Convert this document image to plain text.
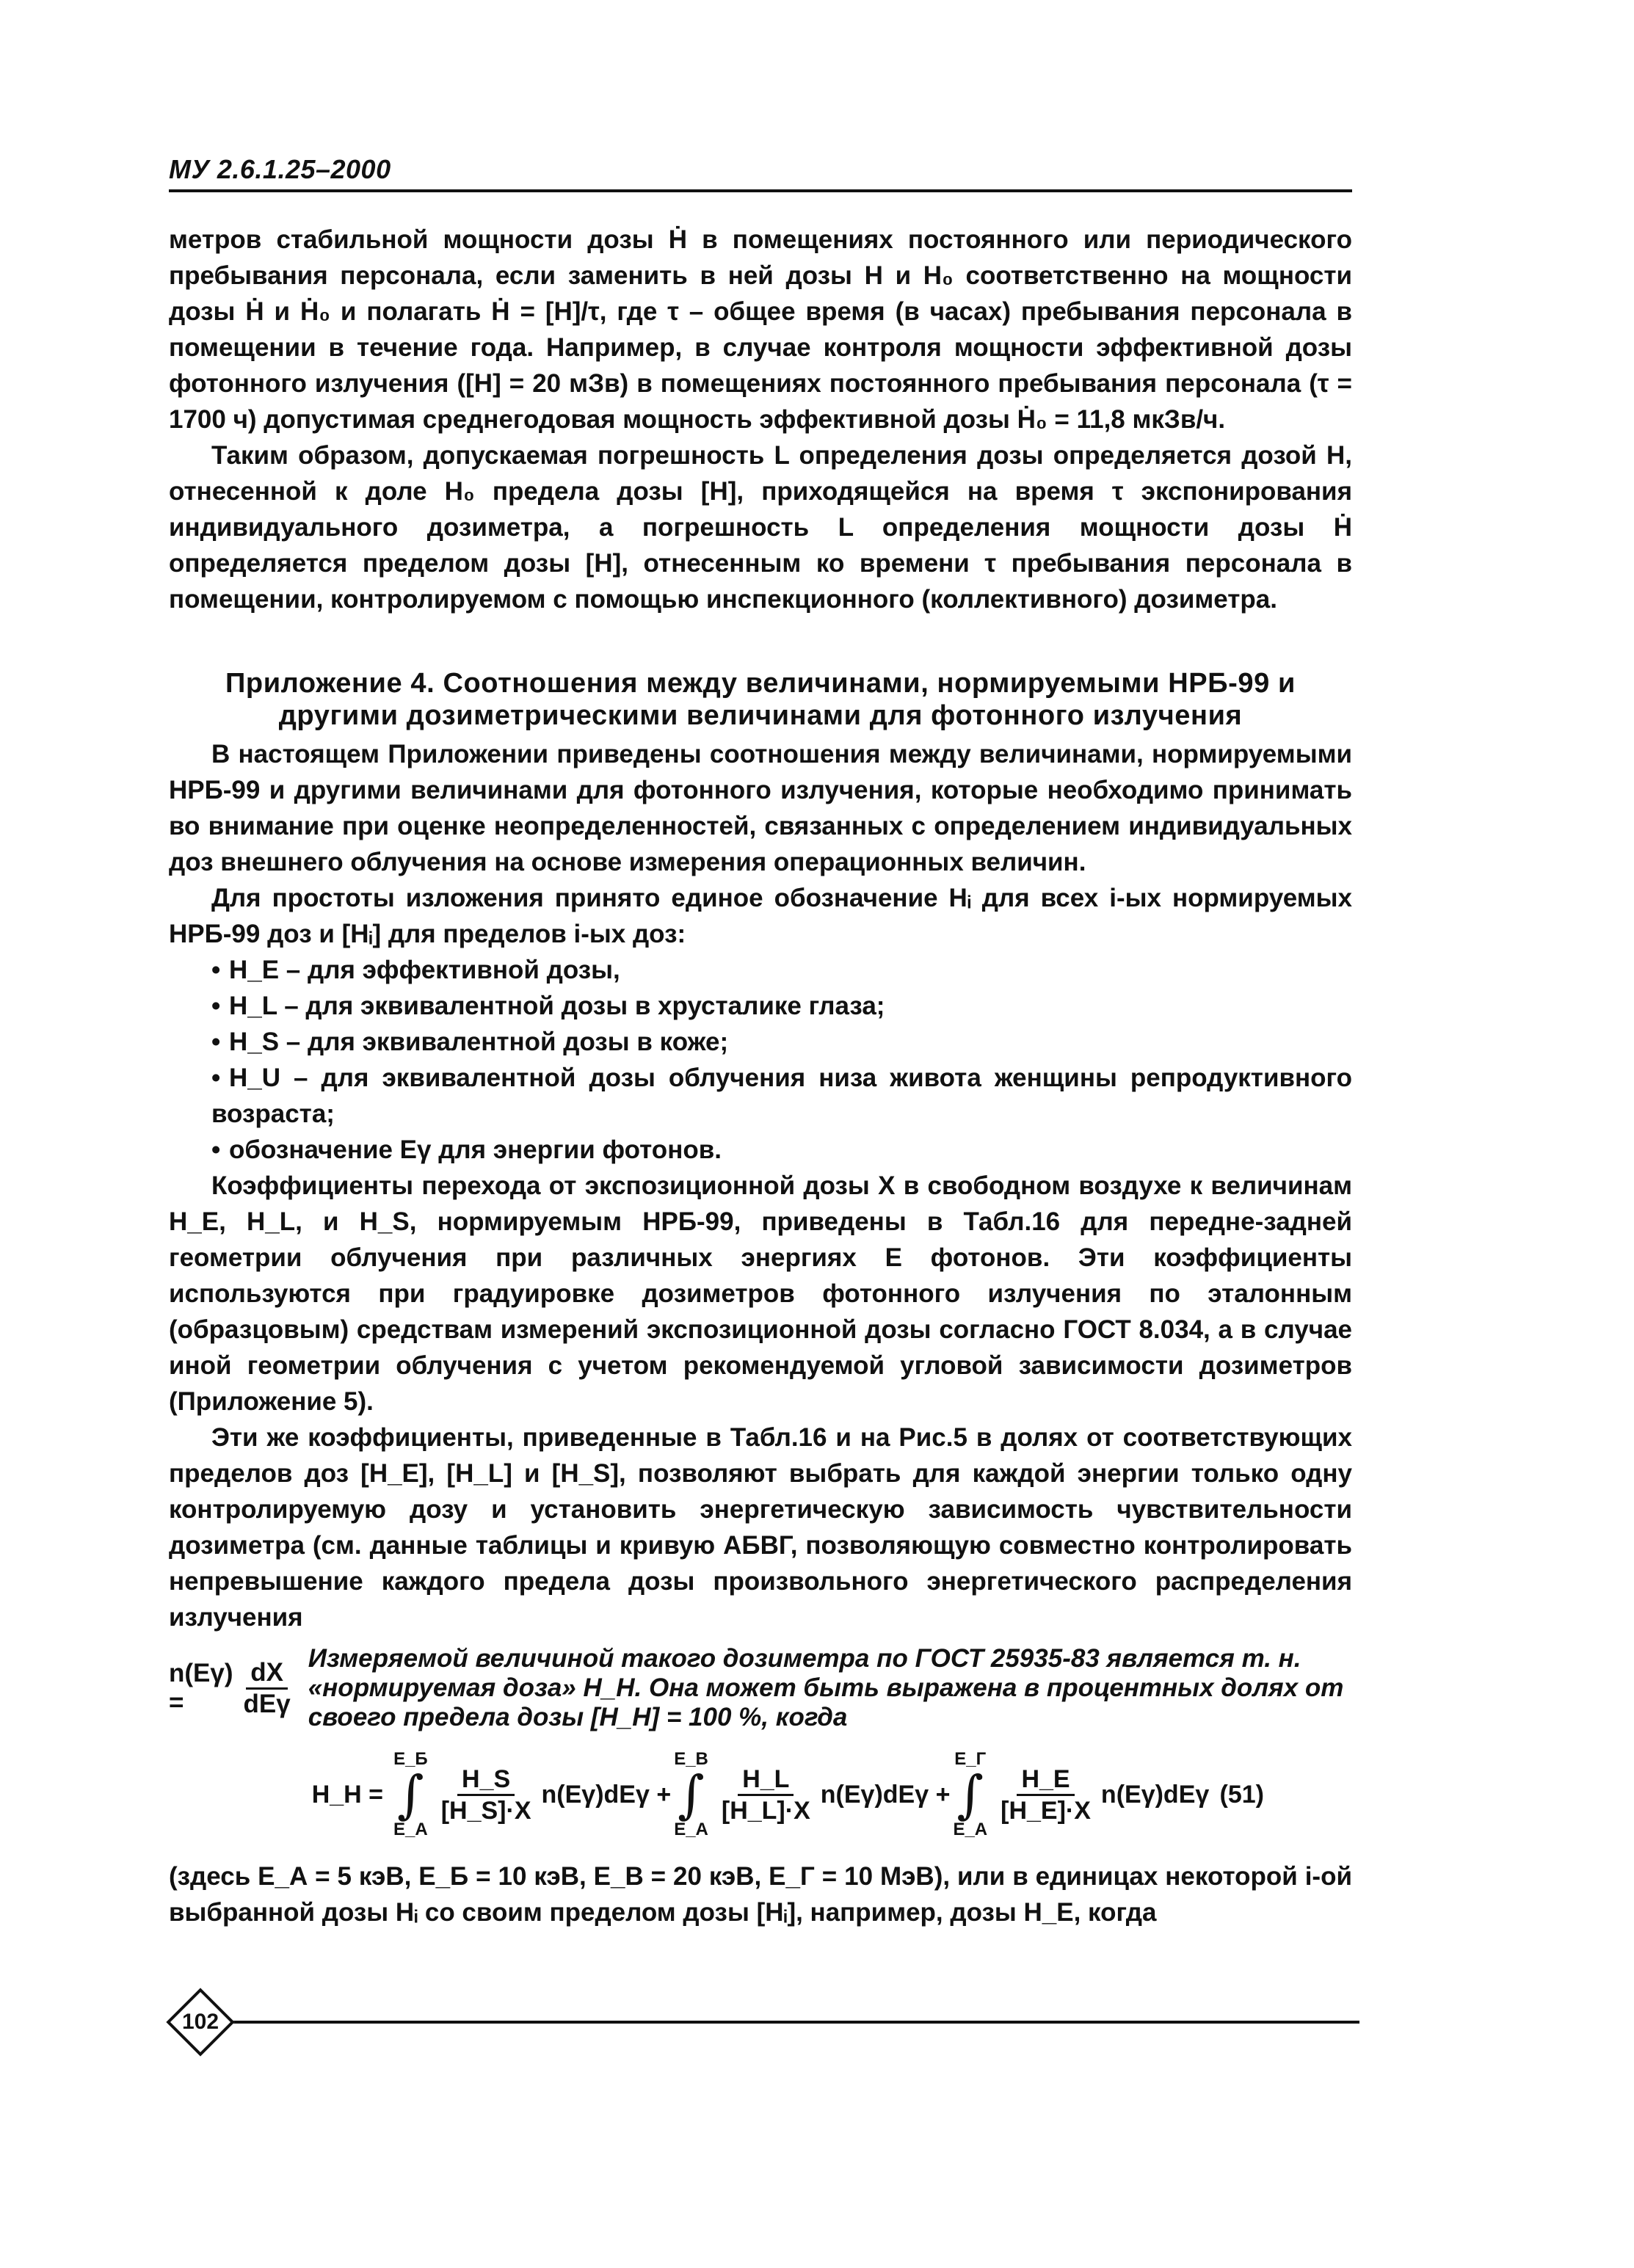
МУ 2.6.1.25–2000

метров стабильной мощности дозы Ḣ в помещениях постоянного или периодического пребывания персонала, если заменить в ней дозы H и H₀ соответственно на мощности дозы Ḣ и Ḣ₀ и полагать Ḣ = [H]/τ, где τ – общее время (в часах) пребывания персонала в помещении в течение года. Например, в случае контроля мощности эффективной дозы фотонного излучения ([H] = 20 мЗв) в помещениях постоянного пребывания персонала (τ = 1700 ч) допустимая среднегодовая мощность эффективной дозы Ḣ₀ = 11,8 мкЗв/ч.

Таким образом, допускаемая погрешность L определения дозы определяется дозой H, отнесенной к доле H₀ предела дозы [H], приходящейся на время τ экспонирования индивидуального дозиметра, а погрешность L определения мощности дозы Ḣ определяется пределом дозы [H], отнесенным ко времени τ пребывания персонала в помещении, контролируемом с помощью инспекционного (коллективного) дозиметра.

Приложение 4. Соотношения между величинами, нормируемыми НРБ-99 и другими дозиметрическими величинами для фотонного излучения

В настоящем Приложении приведены соотношения между величинами, нормируемыми НРБ-99 и другими величинами для фотонного излучения, которые необходимо принимать во внимание при оценке неопределенностей, связанных с определением индивидуальных доз внешнего облучения на основе измерения операционных величин.

Для простоты изложения принято единое обозначение Hᵢ для всех i-ых нормируемых НРБ-99 доз и [Hᵢ] для пределов i-ых доз:

• H_E – для эффективной дозы,
• H_L – для эквивалентной дозы в хрусталике глаза;
• H_S – для эквивалентной дозы в коже;
• H_U – для эквивалентной дозы облучения низа живота женщины репродуктивного возраста;
• обозначение Eγ для энергии фотонов.

Коэффициенты перехода от экспозиционной дозы X в свободном воздухе к величинам H_E, H_L, и H_S, нормируемым НРБ-99, приведены в Табл.16 для передне-задней геометрии облучения при различных энергиях E фотонов. Эти коэффициенты используются при градуировке дозиметров фотонного излучения по эталонным (образцовым) средствам измерений экспозиционной дозы согласно ГОСТ 8.034, а в случае иной геометрии облучения с учетом рекомендуемой угловой зависимости дозиметров (Приложение 5).

Эти же коэффициенты, приведенные в Табл.16 и на Рис.5 в долях от соответствующих пределов доз [H_E], [H_L] и [H_S], позволяют выбрать для каждой энергии только одну контролируемую дозу и установить энергетическую зависимость чувствительности дозиметра (см. данные таблицы и кривую АБВГ, позволяющую совместно контролировать непревышение каждого предела дозы произвольного энергетического распределения излучения

n(Eγ) =	$\frac{dX}{\text{dEγ}}$ Измеряемой величиной такого дозиметра по ГОСТ 25935-83 является т. н. «нормируемая доза» H_Н. Она может быть выражена в процентных долях от своего предела дозы [H_Н] = 100 %, когда
H_Н =
E_Б
∫
E_А
$\frac{H\_S}{[H\_S]\cdot X} n(E\gamma)dE\gamma$ +
E_В
∫
E_А
$\frac{H\_L}{[H\_L]\cdot X} n(E\gamma)dE\gamma$ +
E_Г
∫
E_А
$\frac{H\_E}{[H\_E]\cdot X} n(E\gamma)dE\gamma$ (51)

(здесь E_А = 5 кэВ, E_Б = 10 кэВ, E_В = 20 кэВ, E_Г = 10 МэВ), или в единицах некоторой i-ой выбранной дозы Hᵢ со своим пределом дозы [Hᵢ], например, дозы H_E, когда

102
